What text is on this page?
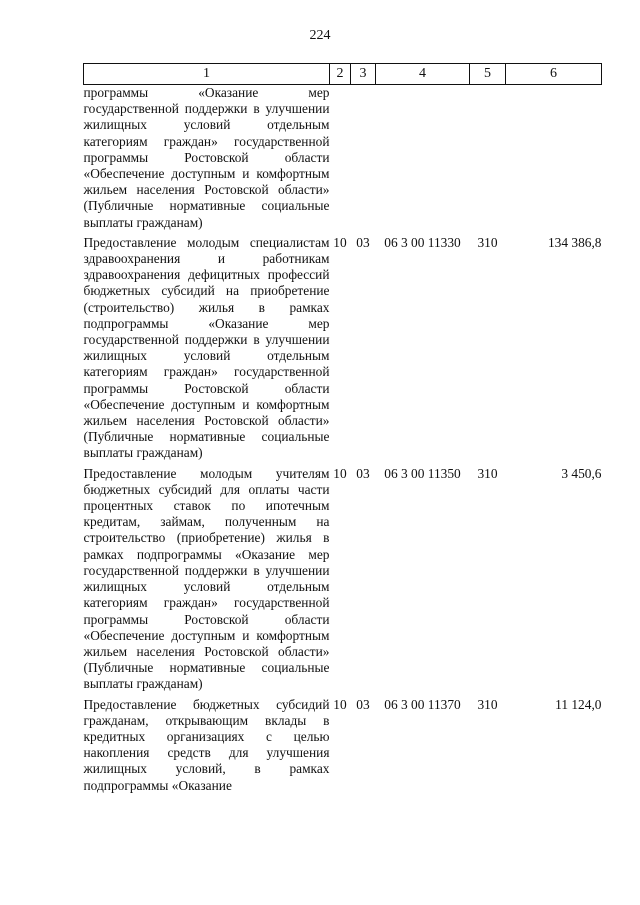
224
1	2	3	4	5	6
программы «Оказание мер государственной поддержки в улучшении жилищных условий отдельным категориям граждан» государственной программы Ростовской области «Обеспечение доступным и комфортным жильем населения Ростовской области» (Публичные нормативные социальные выплаты гражданам)					
Предоставление молодым специалистам здравоохранения и работникам здравоохранения дефицитных профессий бюджетных субсидий на приобретение (строительство) жилья в рамках подпрограммы «Оказание мер государственной поддержки в улучшении жилищных условий отдельным категориям граждан» государственной программы Ростовской области «Обеспечение доступным и комфортным жильем населения Ростовской области» (Публичные нормативные социальные выплаты гражданам)	10	03	06 3 00 11330	310	134 386,8
Предоставление молодым учителям бюджетных субсидий для оплаты части процентных ставок по ипотечным кредитам, займам, полученным на строительство (приобретение) жилья в рамках подпрограммы «Оказание мер государственной поддержки в улучшении жилищных условий отдельным категориям граждан» государственной программы Ростовской области «Обеспечение доступным и комфортным жильем населения Ростовской области» (Публичные нормативные социальные выплаты гражданам)	10	03	06 3 00 11350	310	3 450,6
Предоставление бюджетных субсидий гражданам, открывающим вклады в кредитных организациях с целью накопления средств для улучшения жилищных условий, в рамках подпрограммы «Оказание	10	03	06 3 00 11370	310	11 124,0
